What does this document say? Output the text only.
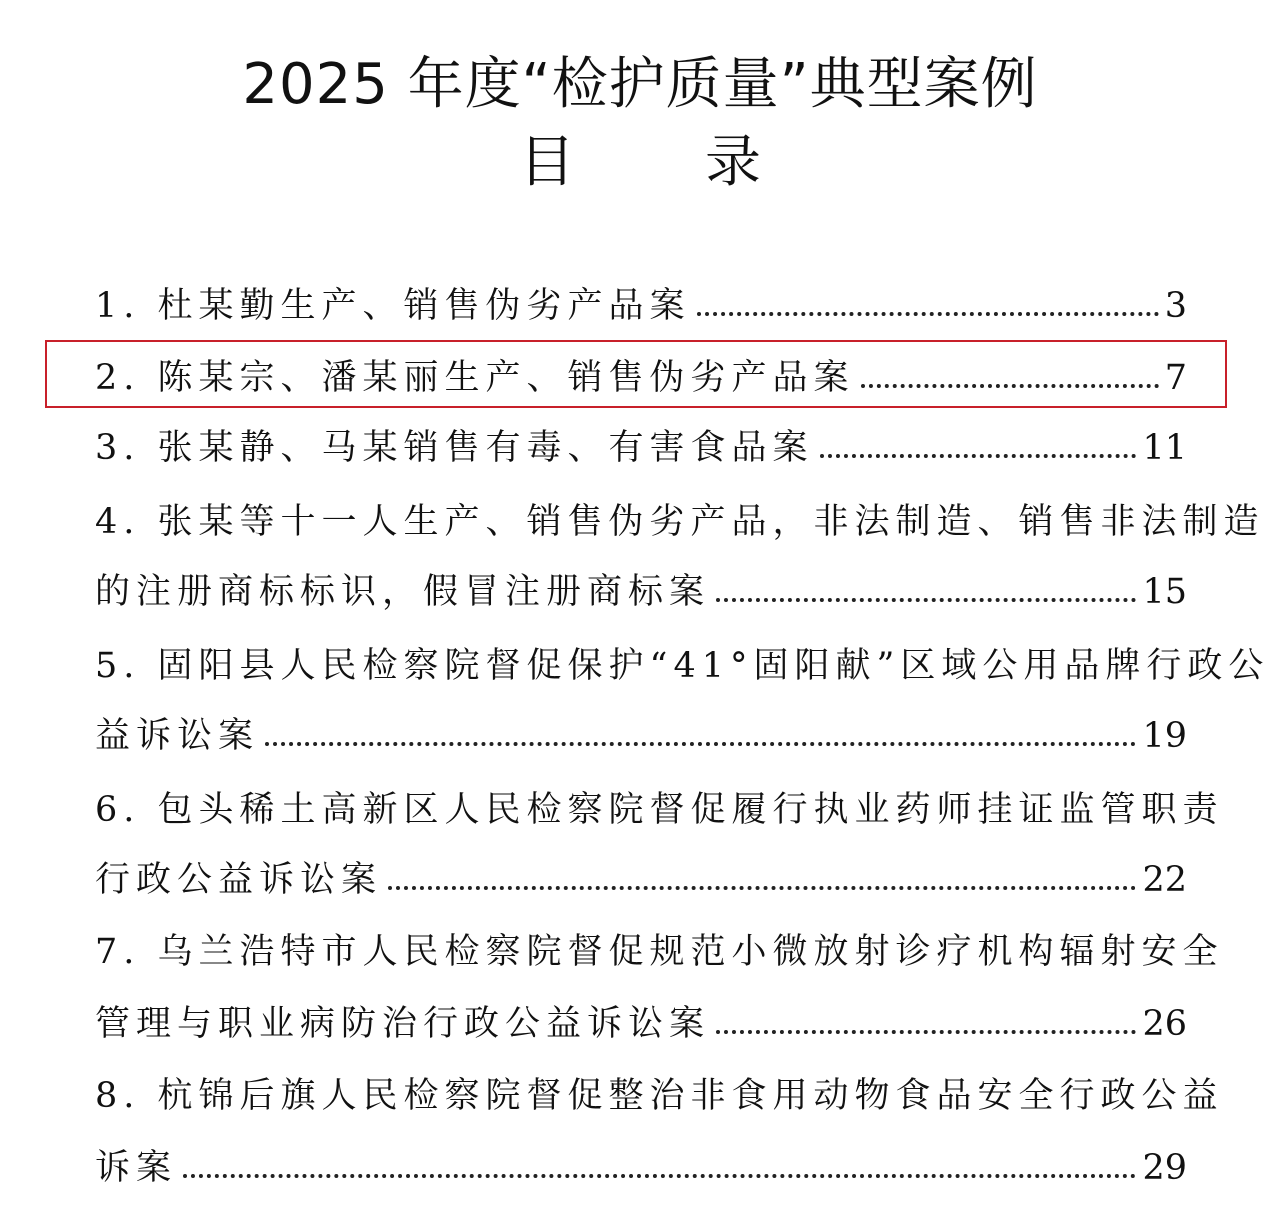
2025 年度“检护质量”典型案例
目录
1. 杜某勤生产、销售伪劣产品案	3
2. 陈某宗、潘某丽生产、销售伪劣产品案	7
3. 张某静、马某销售有毒、有害食品案	11
4. 张某等十一人生产、销售伪劣产品，非法制造、销售非法制造
的注册商标标识，假冒注册商标案	15
5. 固阳县人民检察院督促保护“41°固阳献”区域公用品牌行政公
益诉讼案	19
6. 包头稀土高新区人民检察院督促履行执业药师挂证监管职责
行政公益诉讼案	22
7. 乌兰浩特市人民检察院督促规范小微放射诊疗机构辐射安全
管理与职业病防治行政公益诉讼案	26
8. 杭锦后旗人民检察院督促整治非食用动物食品安全行政公益
诉案	29
